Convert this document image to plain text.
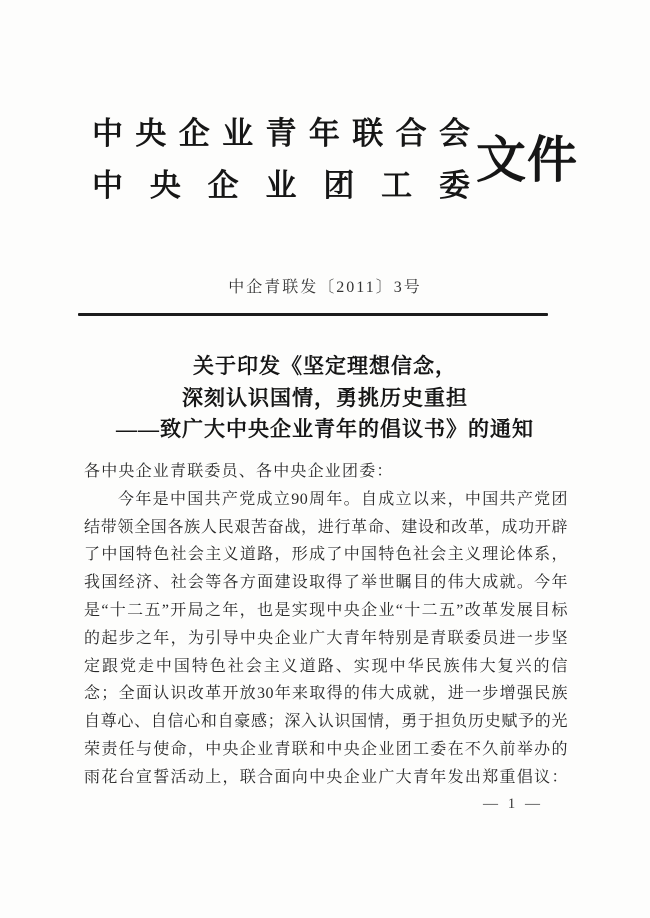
中央企业青年联合会
中央企业团工委 文件
中企青联发〔2011〕3号
关于印发《坚定理想信念，
深刻认识国情，勇挑历史重担
——致广大中央企业青年的倡议书》的通知
各中央企业青联委员、各中央企业团委：
今年是中国共产党成立90周年。自成立以来，中国共产党团
结带领全国各族人民艰苦奋战，进行革命、建设和改革，成功开辟
了中国特色社会主义道路，形成了中国特色社会主义理论体系，
我国经济、社会等各方面建设取得了举世瞩目的伟大成就。今年
是“十二五”开局之年，也是实现中央企业“十二五”改革发展目标
的起步之年，为引导中央企业广大青年特别是青联委员进一步坚
定跟党走中国特色社会主义道路、实现中华民族伟大复兴的信
念；全面认识改革开放30年来取得的伟大成就，进一步增强民族
自尊心、自信心和自豪感；深入认识国情，勇于担负历史赋予的光
荣责任与使命，中央企业青联和中央企业团工委在不久前举办的
雨花台宣誓活动上，联合面向中央企业广大青年发出郑重倡议：
— 1 —
